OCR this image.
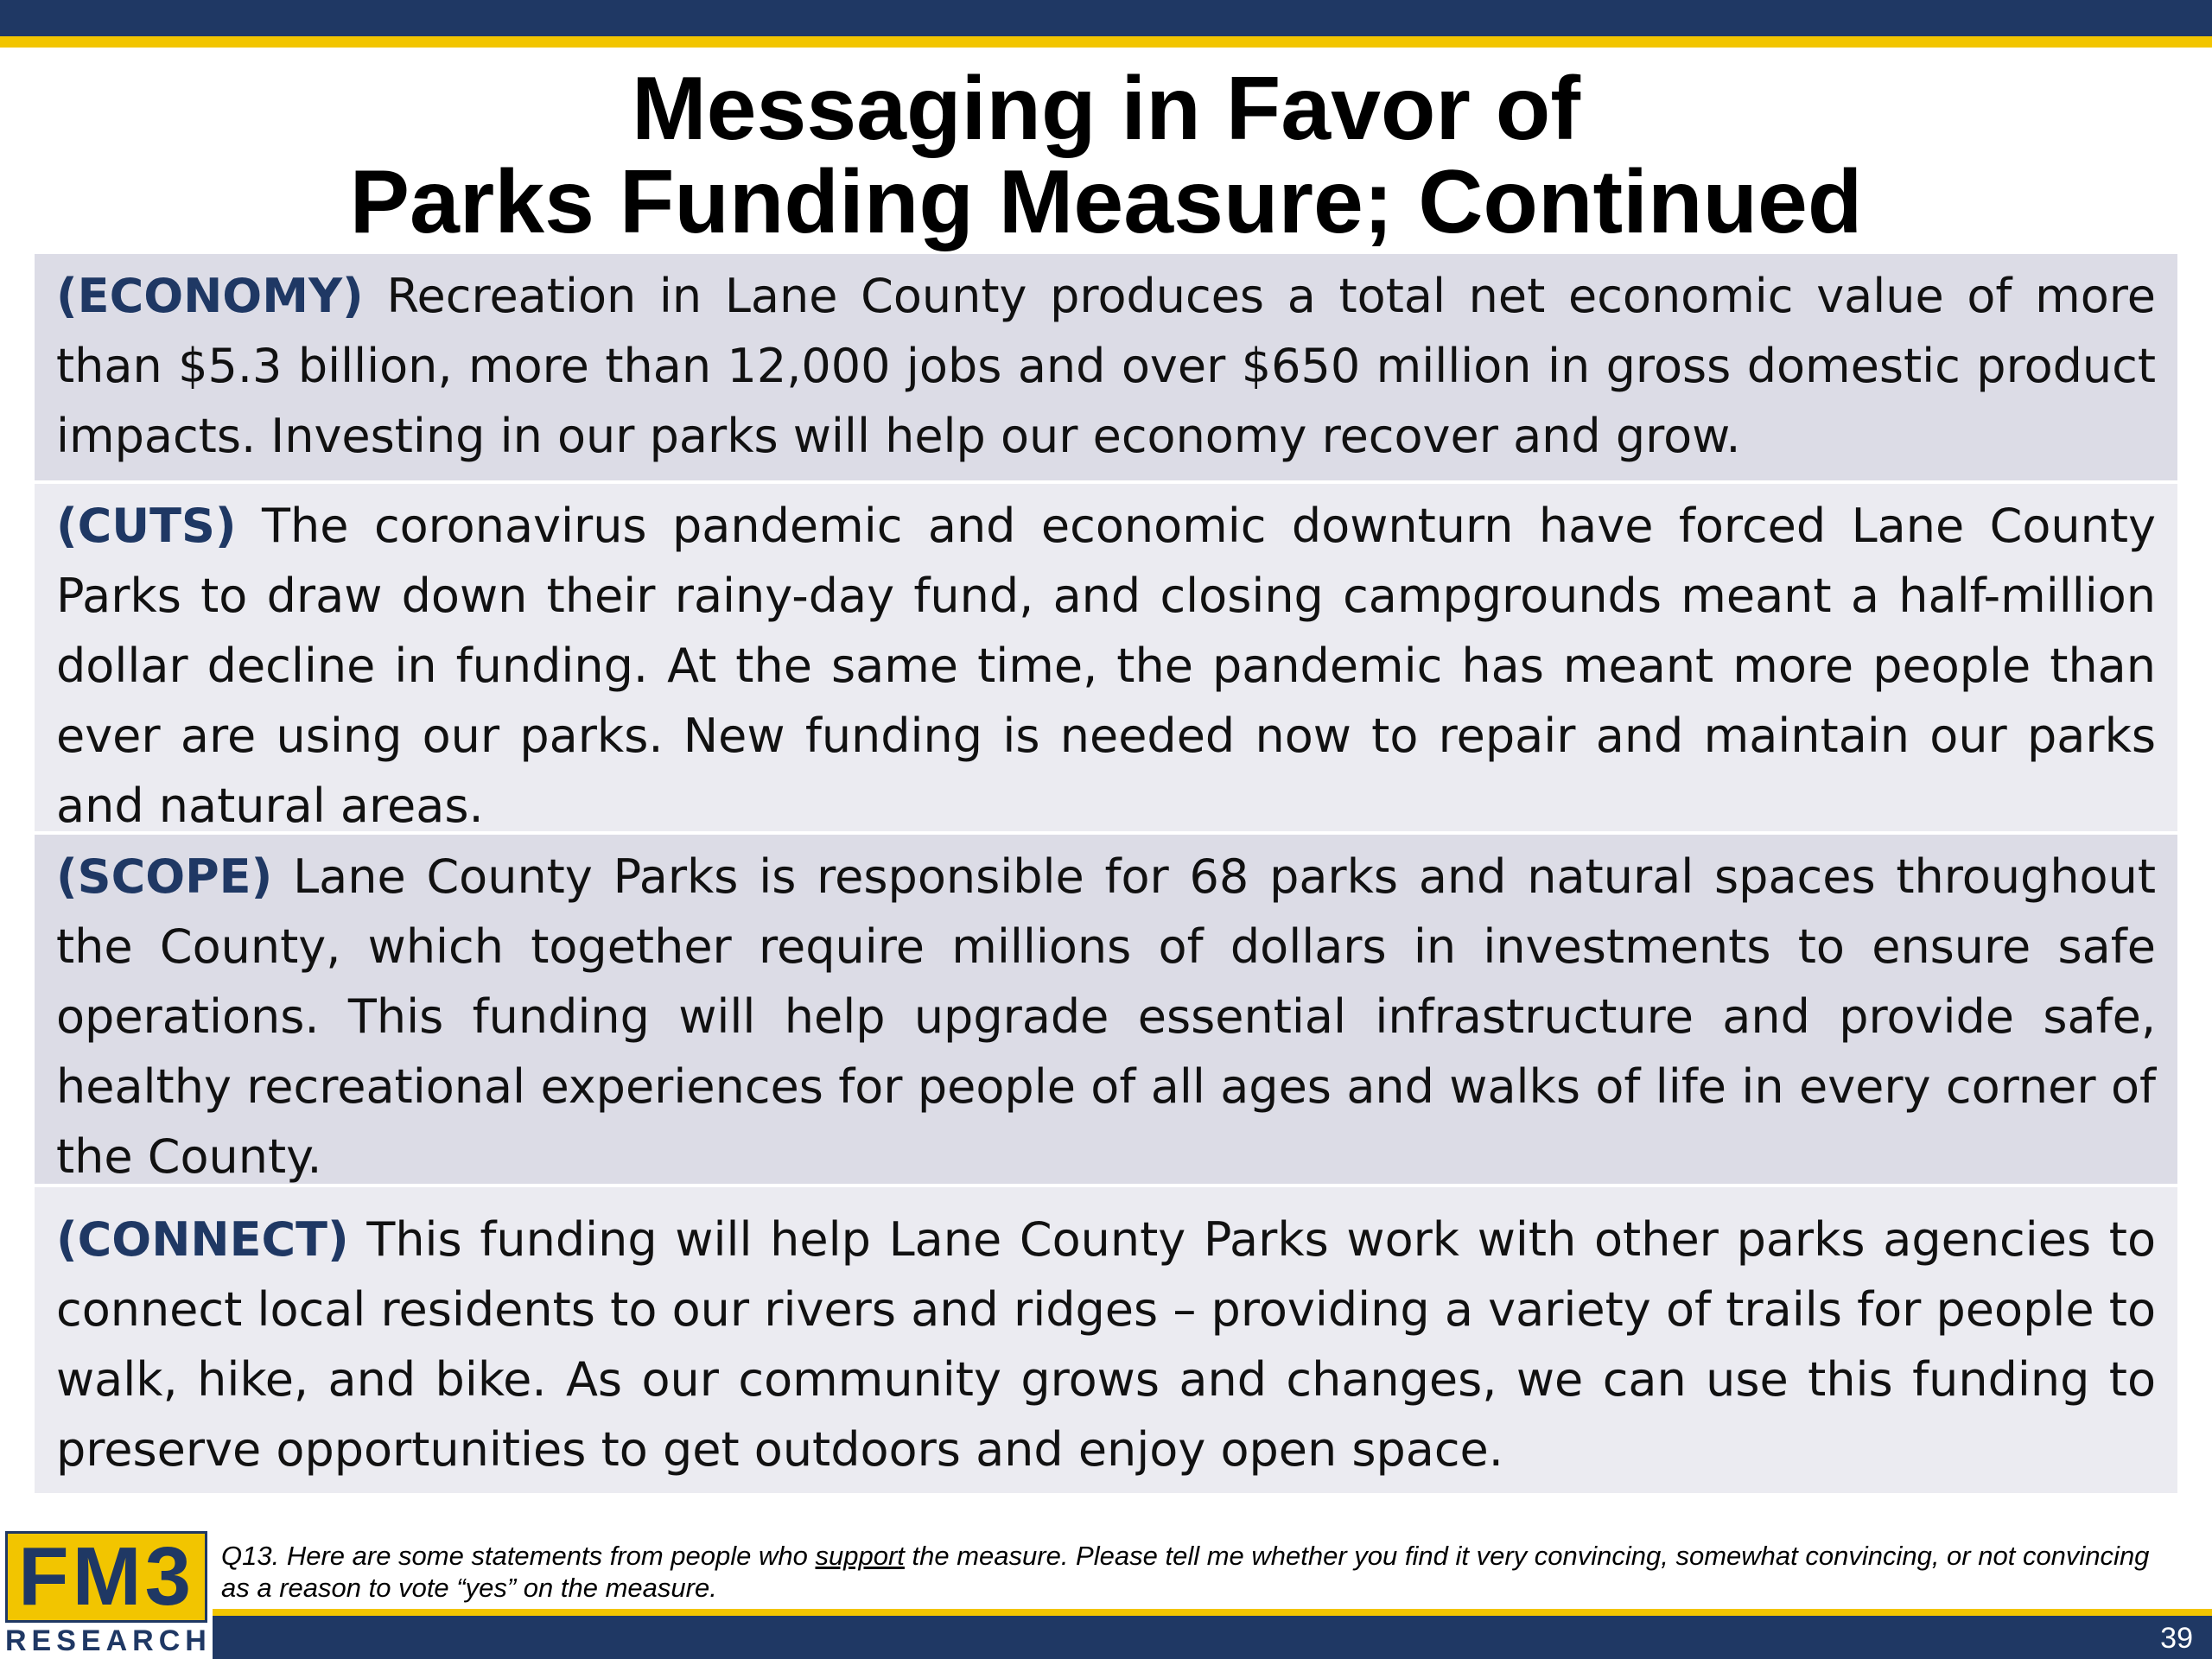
Messaging in Favor of
Parks Funding Measure; Continued
(ECONOMY) Recreation in Lane County produces a total net economic value of more than $5.3 billion, more than 12,000 jobs and over $650 million in gross domestic product impacts. Investing in our parks will help our economy recover and grow.
(CUTS) The coronavirus pandemic and economic downturn have forced Lane County Parks to draw down their rainy-day fund, and closing campgrounds meant a half-million dollar decline in funding. At the same time, the pandemic has meant more people than ever are using our parks. New funding is needed now to repair and maintain our parks and natural areas.
(SCOPE) Lane County Parks is responsible for 68 parks and natural spaces throughout the County, which together require millions of dollars in investments to ensure safe operations. This funding will help upgrade essential infrastructure and provide safe, healthy recreational experiences for people of all ages and walks of life in every corner of the County.
(CONNECT) This funding will help Lane County Parks work with other parks agencies to connect local residents to our rivers and ridges – providing a variety of trails for people to walk, hike, and bike. As our community grows and changes, we can use this funding to preserve opportunities to get outdoors and enjoy open space.
Q13. Here are some statements from people who support the measure. Please tell me whether you find it very convincing, somewhat convincing, or not convincing as a reason to vote “yes” on the measure.
39
FM3
RESEARCH
